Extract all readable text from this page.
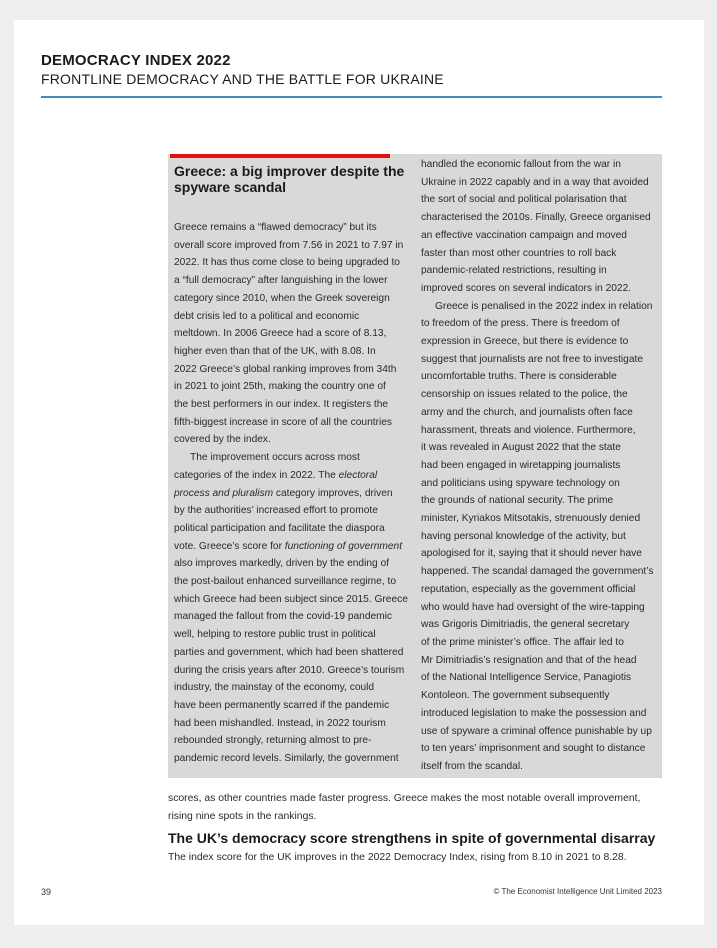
DEMOCRACY INDEX 2022
FRONTLINE DEMOCRACY AND THE BATTLE FOR UKRAINE
Greece: a big improver despite the
spyware scandal

Greece remains a “flawed democracy” but its
overall score improved from 7.56 in 2021 to 7.97 in
2022. It has thus come close to being upgraded to
a “full democracy” after languishing in the lower
category since 2010, when the Greek sovereign
debt crisis led to a political and economic
meltdown. In 2006 Greece had a score of 8.13,
higher even than that of the UK, with 8.08. In
2022 Greece’s global ranking improves from 34th
in 2021 to joint 25th, making the country one of
the best performers in our index. It registers the
fifth-biggest increase in score of all the countries
covered by the index.

The improvement occurs across most
categories of the index in 2022. The electoral
process and pluralism category improves, driven
by the authorities’ increased effort to promote
political participation and facilitate the diaspora
vote. Greece’s score for functioning of government
also improves markedly, driven by the ending of
the post-bailout enhanced surveillance regime, to
which Greece had been subject since 2015. Greece
managed the fallout from the covid-19 pandemic
well, helping to restore public trust in political
parties and government, which had been shattered
during the crisis years after 2010. Greece’s tourism
industry, the mainstay of the economy, could
have been permanently scarred if the pandemic
had been mishandled. Instead, in 2022 tourism
rebounded strongly, returning almost to pre-
pandemic record levels. Similarly, the government

handled the economic fallout from the war in
Ukraine in 2022 capably and in a way that avoided
the sort of social and political polarisation that
characterised the 2010s. Finally, Greece organised
an effective vaccination campaign and moved
faster than most other countries to roll back
pandemic-related restrictions, resulting in
improved scores on several indicators in 2022.

Greece is penalised in the 2022 index in relation
to freedom of the press. There is freedom of
expression in Greece, but there is evidence to
suggest that journalists are not free to investigate
uncomfortable truths. There is considerable
censorship on issues related to the police, the
army and the church, and journalists often face
harassment, threats and violence. Furthermore,
it was revealed in August 2022 that the state
had been engaged in wiretapping journalists
and politicians using spyware technology on
the grounds of national security. The prime
minister, Kyriakos Mitsotakis, strenuously denied
having personal knowledge of the activity, but
apologised for it, saying that it should never have
happened. The scandal damaged the government’s
reputation, especially as the government official
who would have had oversight of the wire-tapping
was Grigoris Dimitriadis, the general secretary
of the prime minister’s office. The affair led to
Mr Dimitriadis’s resignation and that of the head
of the National Intelligence Service, Panagiotis
Kontoleon. The government subsequently
introduced legislation to make the possession and
use of spyware a criminal offence punishable by up
to ten years’ imprisonment and sought to distance
itself from the scandal.

scores, as other countries made faster progress. Greece makes the most notable overall improvement,
rising nine spots in the rankings.
The UK’s democracy score strengthens in spite of governmental disarray
The index score for the UK improves in the 2022 Democracy Index, rising from 8.10 in 2021 to 8.28.
39	© The Economist Intelligence Unit Limited 2023
